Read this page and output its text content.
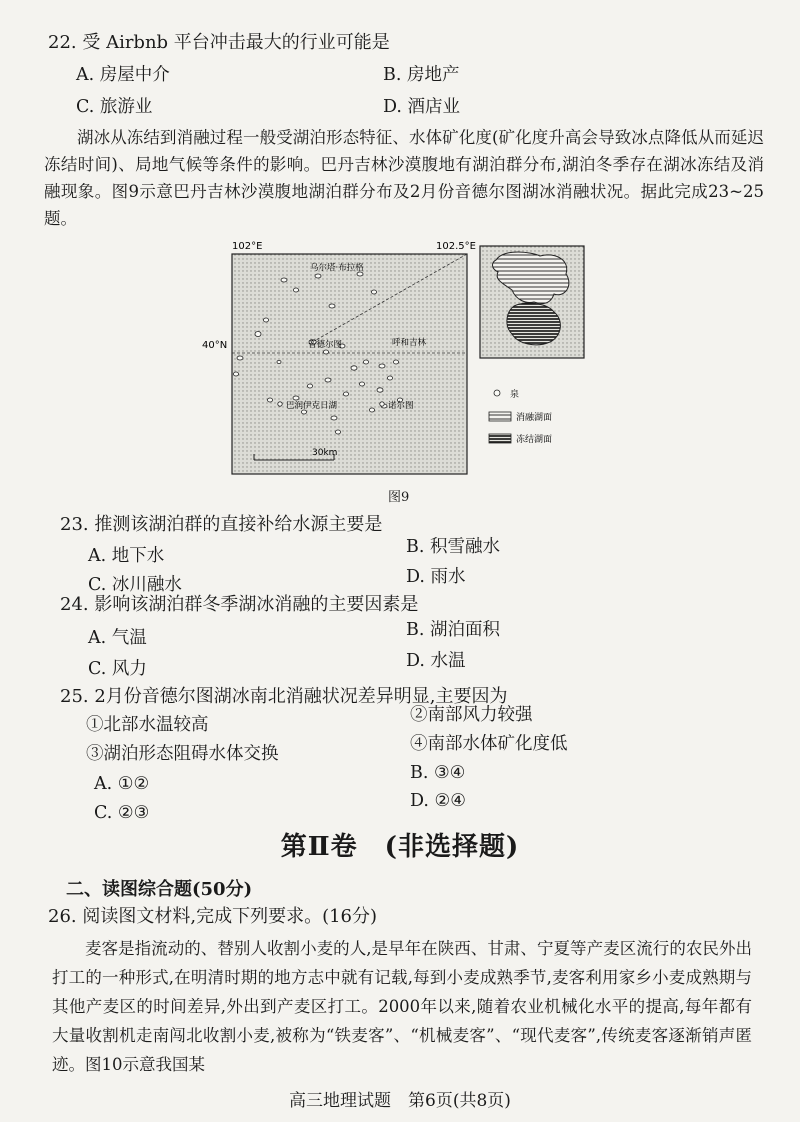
22. 受 Airbnb 平台冲击最大的行业可能是
A. 房屋中介	B. 房地产
C. 旅游业	D. 酒店业
湖冰从冻结到消融过程一般受湖泊形态特征、水体矿化度(矿化度升高会导致冰点降低从而延迟冻结时间)、局地气候等条件的影响。巴丹吉林沙漠腹地有湖泊群分布,湖泊冬季存在湖冰冻结及消融现象。图9示意巴丹吉林沙漠腹地湖泊群分布及2月份音德尔图湖冰消融状况。据此完成23~25题。
102°E	102.5°E
40°N
乌尔塔·布拉格
音德尔图	呼和吉林
巴润伊克日湖	诺尔图
30km
泉
消融湖面
冻结湖面
图9
23. 推测该湖泊群的直接补给水源主要是
A. 地下水	B. 积雪融水
C. 冰川融水	D. 雨水
24. 影响该湖泊群冬季湖冰消融的主要因素是
A. 气温	B. 湖泊面积
C. 风力	D. 水温
25. 2月份音德尔图湖冰南北消融状况差异明显,主要因为
①北部水温较高	②南部风力较强
③湖泊形态阻碍水体交换	④南部水体矿化度低
A. ①②
B. ③④
C. ②③
D. ②④
第Ⅱ卷　(非选择题)
二、读图综合题(50分)
26. 阅读图文材料,完成下列要求。(16分)
麦客是指流动的、替别人收割小麦的人,是早年在陕西、甘肃、宁夏等产麦区流行的农民外出打工的一种形式,在明清时期的地方志中就有记载,每到小麦成熟季节,麦客利用家乡小麦成熟期与其他产麦区的时间差异,外出到产麦区打工。2000年以来,随着农业机械化水平的提高,每年都有大量收割机走南闯北收割小麦,被称为“铁麦客”、“机械麦客”、“现代麦客”,传统麦客逐渐销声匿迹。图10示意我国某
高三地理试题　第6页(共8页)
